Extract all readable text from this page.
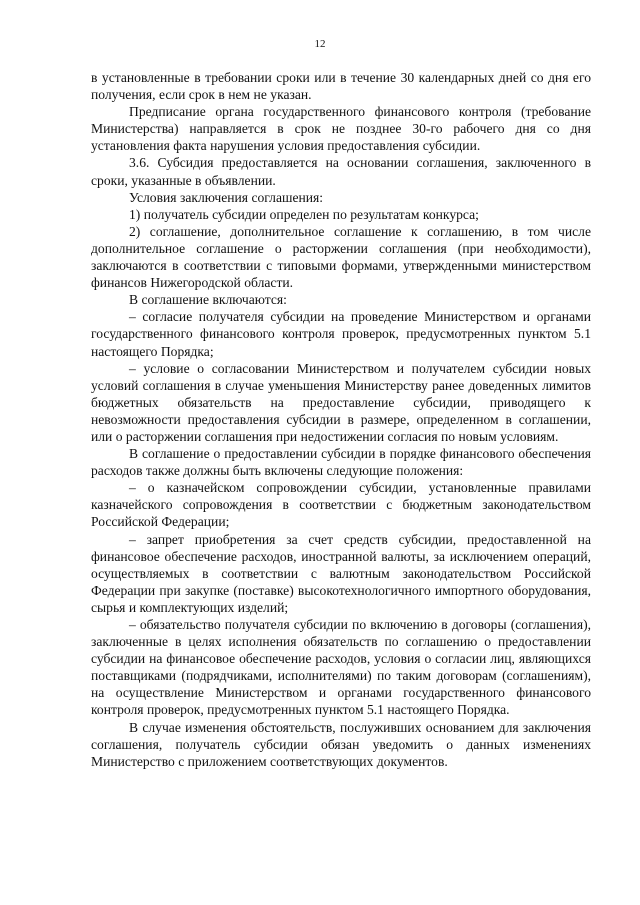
12

в установленные в требовании сроки или в течение 30 календарных дней со дня его получения, если срок в нем не указан.

Предписание органа государственного финансового контроля (требование Министерства) направляется в срок не позднее 30-го рабочего дня со дня установления факта нарушения условия предоставления субсидии.

3.6. Субсидия предоставляется на основании соглашения, заключенного в сроки, указанные в объявлении.

Условия заключения соглашения:

1) получатель субсидии определен по результатам конкурса;

2) соглашение, дополнительное соглашение к соглашению, в том числе дополнительное соглашение о расторжении соглашения (при необходимости), заключаются в соответствии с типовыми формами, утвержденными министерством финансов Нижегородской области.

В соглашение включаются:

– согласие получателя субсидии на проведение Министерством и органами государственного финансового контроля проверок, предусмотренных пунктом 5.1 настоящего Порядка;

– условие о согласовании Министерством и получателем субсидии новых условий соглашения в случае уменьшения Министерству ранее доведенных лимитов бюджетных обязательств на предоставление субсидии, приводящего к невозможности предоставления субсидии в размере, определенном в соглашении, или о расторжении соглашения при недостижении согласия по новым условиям.

В соглашение о предоставлении субсидии в порядке финансового обеспечения расходов также должны быть включены следующие положения:

– о казначейском сопровождении субсидии, установленные правилами казначейского сопровождения в соответствии с бюджетным законодательством Российской Федерации;

– запрет приобретения за счет средств субсидии, предоставленной на финансовое обеспечение расходов, иностранной валюты, за исключением операций, осуществляемых в соответствии с валютным законодательством Российской Федерации при закупке (поставке) высокотехнологичного импортного оборудования, сырья и комплектующих изделий;

– обязательство получателя субсидии по включению в договоры (соглашения), заключенные в целях исполнения обязательств по соглашению о предоставлении субсидии на финансовое обеспечение расходов, условия о согласии лиц, являющихся поставщиками (подрядчиками, исполнителями) по таким договорам (соглашениям), на осуществление Министерством и органами государственного финансового контроля проверок, предусмотренных пунктом 5.1 настоящего Порядка.

В случае изменения обстоятельств, послуживших основанием для заключения соглашения, получатель субсидии обязан уведомить о данных изменениях Министерство с приложением соответствующих документов.
